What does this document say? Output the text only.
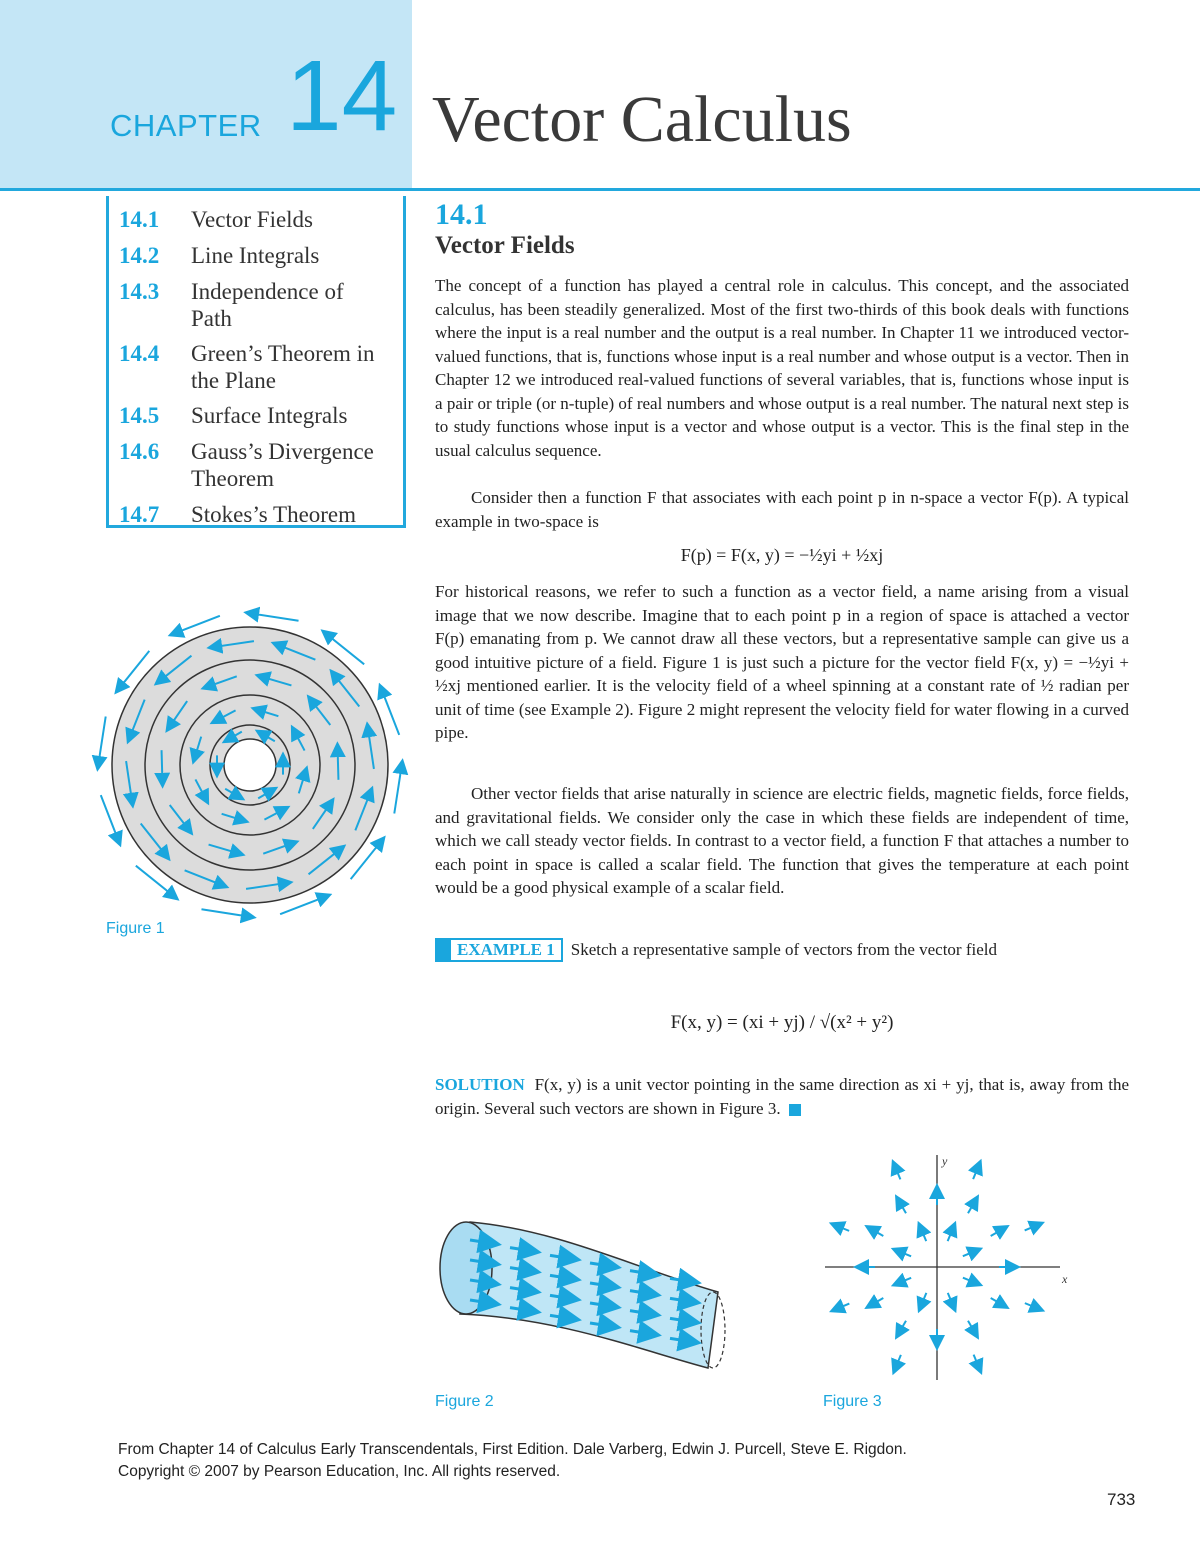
CHAPTER 14 Vector Calculus
14.1 Vector Fields
14.2 Line Integrals
14.3 Independence of Path
14.4 Green’s Theorem in the Plane
14.5 Surface Integrals
14.6 Gauss’s Divergence Theorem
14.7 Stokes’s Theorem
14.1
Vector Fields
The concept of a function has played a central role in calculus. This concept, and the associated calculus, has been steadily generalized. Most of the first two-thirds of this book deals with functions where the input is a real number and the output is a real number. In Chapter 11 we introduced vector-valued functions, that is, functions whose input is a real number and whose output is a vector. Then in Chapter 12 we introduced real-valued functions of several variables, that is, functions whose input is a pair or triple (or n-tuple) of real numbers and whose output is a real number. The natural next step is to study functions whose input is a vector and whose output is a vector. This is the final step in the usual calculus sequence.
Consider then a function F that associates with each point p in n-space a vector F(p). A typical example in two-space is
F(p) = F(x, y) = −½yi + ½xj
For historical reasons, we refer to such a function as a vector field, a name arising from a visual image that we now describe. Imagine that to each point p in a region of space is attached a vector F(p) emanating from p. We cannot draw all these vectors, but a representative sample can give us a good intuitive picture of a field. Figure 1 is just such a picture for the vector field F(x, y) = −½yi + ½xj mentioned earlier. It is the velocity field of a wheel spinning at a constant rate of ½ radian per unit of time (see Example 2). Figure 2 might represent the velocity field for water flowing in a curved pipe.
Other vector fields that arise naturally in science are electric fields, magnetic fields, force fields, and gravitational fields. We consider only the case in which these fields are independent of time, which we call steady vector fields. In contrast to a vector field, a function F that attaches a number to each point in space is called a scalar field. The function that gives the temperature at each point would be a good physical example of a scalar field.
EXAMPLE 1 Sketch a representative sample of vectors from the vector field
F(x, y) = (xi + yj) / √(x² + y²)
SOLUTION F(x, y) is a unit vector pointing in the same direction as xi + yj, that is, away from the origin. Several such vectors are shown in Figure 3.
Figure 1
Figure 2
x
y
Figure 3
From Chapter 14 of Calculus Early Transcendentals, First Edition. Dale Varberg, Edwin J. Purcell, Steve E. Rigdon.
Copyright © 2007 by Pearson Education, Inc. All rights reserved.
733
